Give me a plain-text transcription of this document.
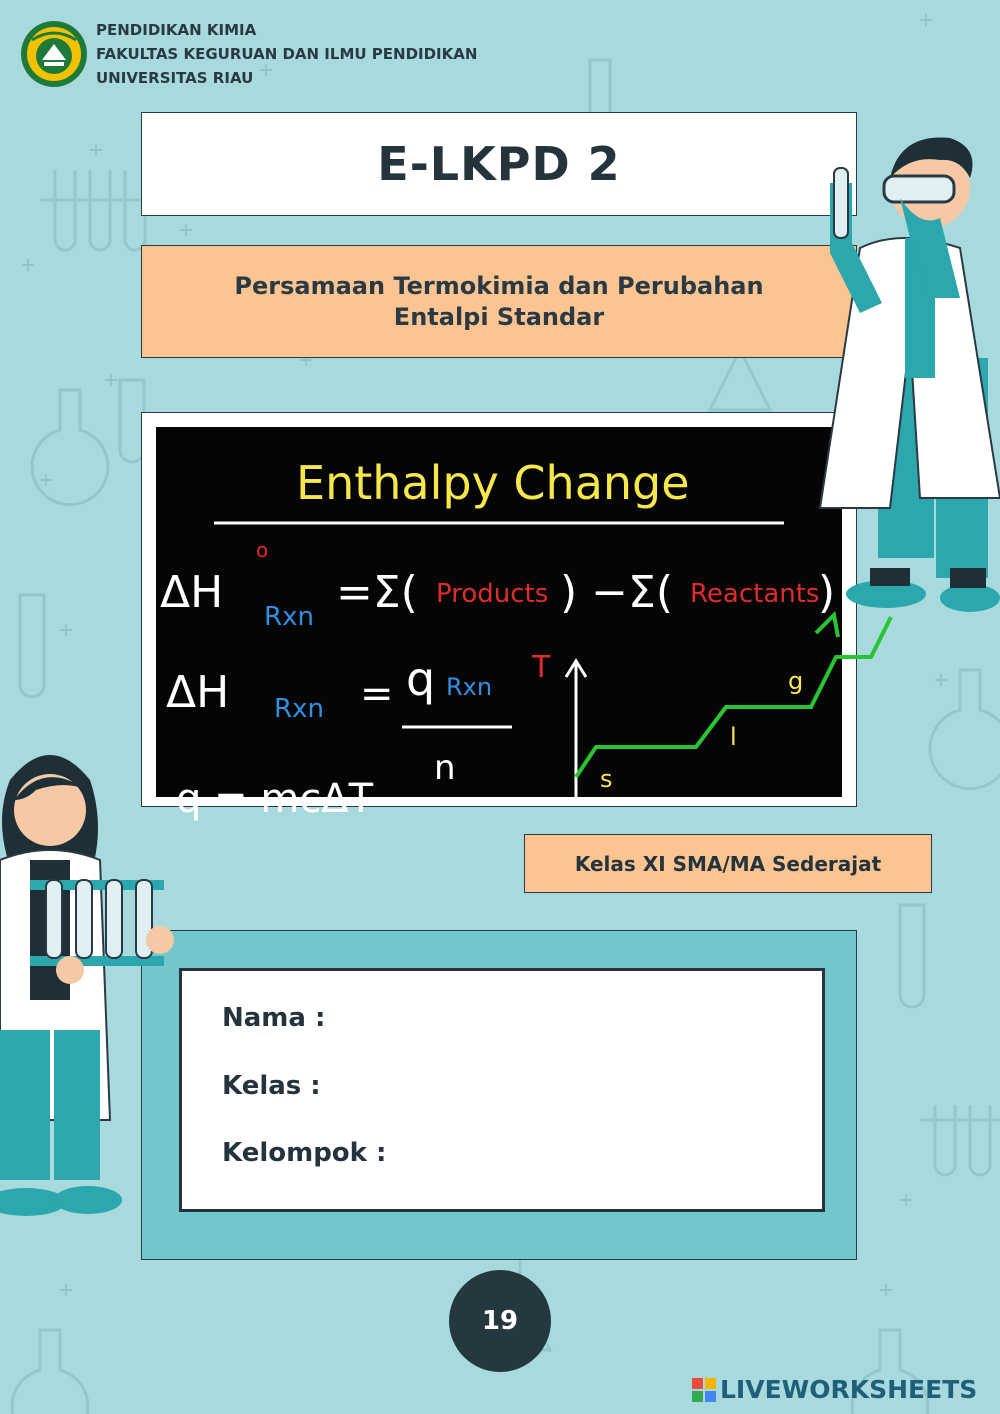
PENDIDIKAN KIMIA
FAKULTAS KEGURUAN DAN ILMU PENDIDIKAN
UNIVERSITAS RIAU
E-LKPD 2
Persamaan Termokimia dan Perubahan Entalpi Standar
Enthalpy Change
ΔH
o
Rxn =Σ( Products ) −Σ( Reactants
)
ΔH Rxn = q Rxn
n
q = mcΔT
T
s
l
g
Kelas XI SMA/MA Sederajat
Nama :
Kelas :
Kelompok :
19
LIVEWORKSHEETS
